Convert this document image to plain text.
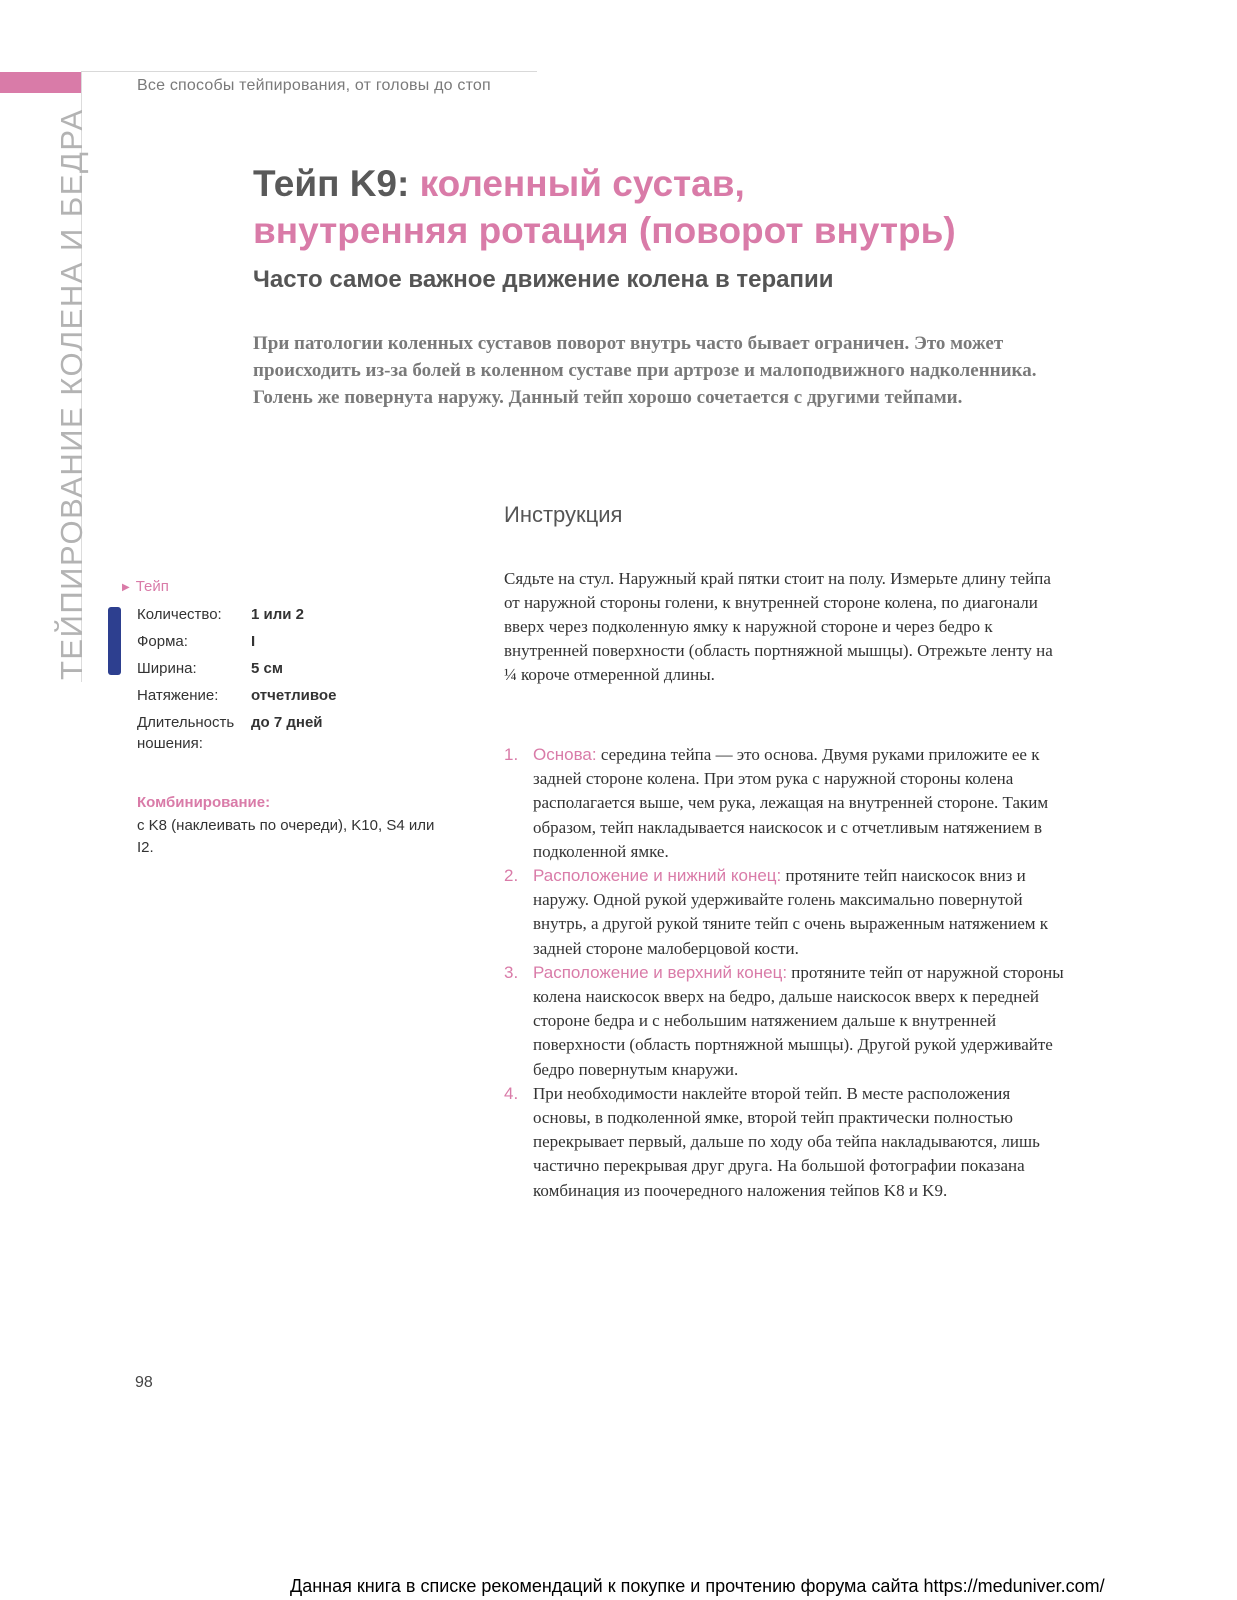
Все способы тейпирования, от головы до стоп
ТЕЙПИРОВАНИЕ КОЛЕНА И БЕДРА	Тейп K9: коленный сустав,
внутренняя ротация (поворот внутрь)
Часто самое важное движение колена в терапии

При патологии коленных суставов поворот внутрь часто бывает ограничен. Это может происходить из-за болей в коленном суставе при артрозе и малоподвижного надколенника. Голень же повернута наружу. Данный тейп хорошо сочетается с другими тейпами.

Инструкция

Сядьте на стул. Наружный край пятки стоит на полу. Измерьте длину тейпа от наружной стороны голени, к внутренней стороне колена, по диагонали вверх через подколенную ямку к наружной стороне и через бедро к внутренней поверхности (область портняжной мышцы). Отрежьте ленту на ¼ короче отмеренной длины.

1. Основа: середина тейпа — это основа. Двумя руками приложите ее к задней стороне колена. При этом рука с наружной стороны колена располагается выше, чем рука, лежащая на внутренней стороне. Таким образом, тейп накладывается наискосок и с отчетливым натяжением в подколенной ямке.
2. Расположение и нижний конец: протяните тейп наискосок вниз и наружу. Одной рукой удерживайте голень максимально повернутой внутрь, а другой рукой тяните тейп с очень выраженным натяжением к задней стороне малоберцовой кости.
3. Расположение и верхний конец: протяните тейп от наружной стороны колена наискосок вверх на бедро, дальше наискосок вверх к передней стороне бедра и с небольшим натяжением дальше к внутренней поверхности (область портняжной мышцы). Другой рукой удерживайте бедро повернутым кнаружи.
4. При необходимости наклейте второй тейп. В месте расположения основы, в подколенной ямке, второй тейп практически полностью перекрывает первый, дальше по ходу оба тейпа накладываются, лишь частично перекрывая друг друга. На большой фотографии показана комбинация из поочередного наложения тейпов K8 и K9.
▶ Тейп
Количество:	1 или 2
Форма:	I
Ширина:	5 см
Натяжение:	отчетливое
Длительность ношения:
до 7 дней
Комбинирование:

с K8 (наклеивать по очереди), K10, S4 или I2.

98
Данная книга в списке рекомендаций к покупке и прочтению форума сайта https://meduniver.com/
